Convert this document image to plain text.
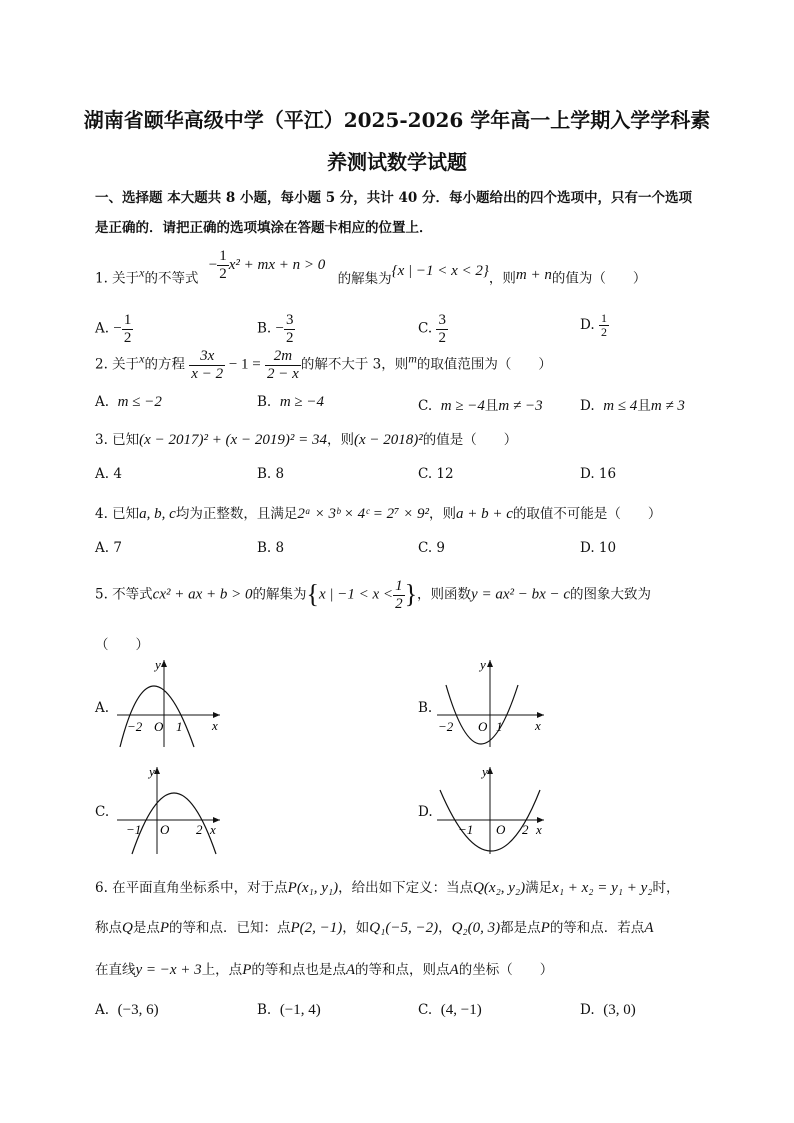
湖南省颐华高级中学（平江）2025-2026 学年高一上学期入学学科素
养测试数学试题
一、选择题 本大题共 8 小题，每小题 5 分，共计 40 分．每小题给出的四个选项中，只有一个选项
是正确的．请把正确的选项填涂在答题卡相应的位置上．
1. 关于$^x$的不等式 − $\frac{1}{2} x^2$ + mx + n > 0 的解集为{x | −1 < x < 2}，则m + n的值为（　　）
A. − $\frac{1}{2}$	B. − $\frac{3}{2}$	C. $\frac{3}{2}$	D. $\frac{1}{2}$
2. 关于$^x$的方程 $\frac{3x}{x - 2} - 1 = \frac{2m}{2 - x}$ 的解不大于 3，则$^m$的取值范围为（　　）
A. m ≤ −2	B. m ≥ −4	C. m ≥ −4且m ≠ −3	D. m ≤ 4且m ≠ 3
3. 已知(x − 2017)² + (x − 2019)² = 34，则(x − 2018)²的值是（　　）
A. 4	B. 8	C. 12	D. 16
4. 已知a, b, c均为正整数，且满足2ᵃ × 3ᵇ × 4ᶜ = 2⁷ × 9²，则a + b + c的取值不可能是（　　）
A. 7	B. 8	C. 9	D. 10
5. 不等式cx² + ax + b > 0的解集为{x | $-1 < x < \frac{1}{2}$ }，则函数y = ax² − bx − c的图象大致为
（　　）
A.
y
x
O
−2	1
B.
y
x
O
−2	1
C.
y
x
O
−1	2
D.
y
x
O
−1	2
6. 在平面直角坐标系中，对于点P(x₁, y₁)，给出如下定义：当点Q(x₂, y₂)满足x₁ + x₂ = y₁ + y₂时，
称点Q是点P的等和点．已知：点P(2, −1)，如Q₁(−5, −2)，Q₂(0, 3)都是点P的等和点．若点A
在直线y = −x + 3上，点P的等和点也是点A的等和点，则点A的坐标（　　）
A. (−3, 6)	B. (−1, 4)	C. (4, −1)	D. (3, 0)
